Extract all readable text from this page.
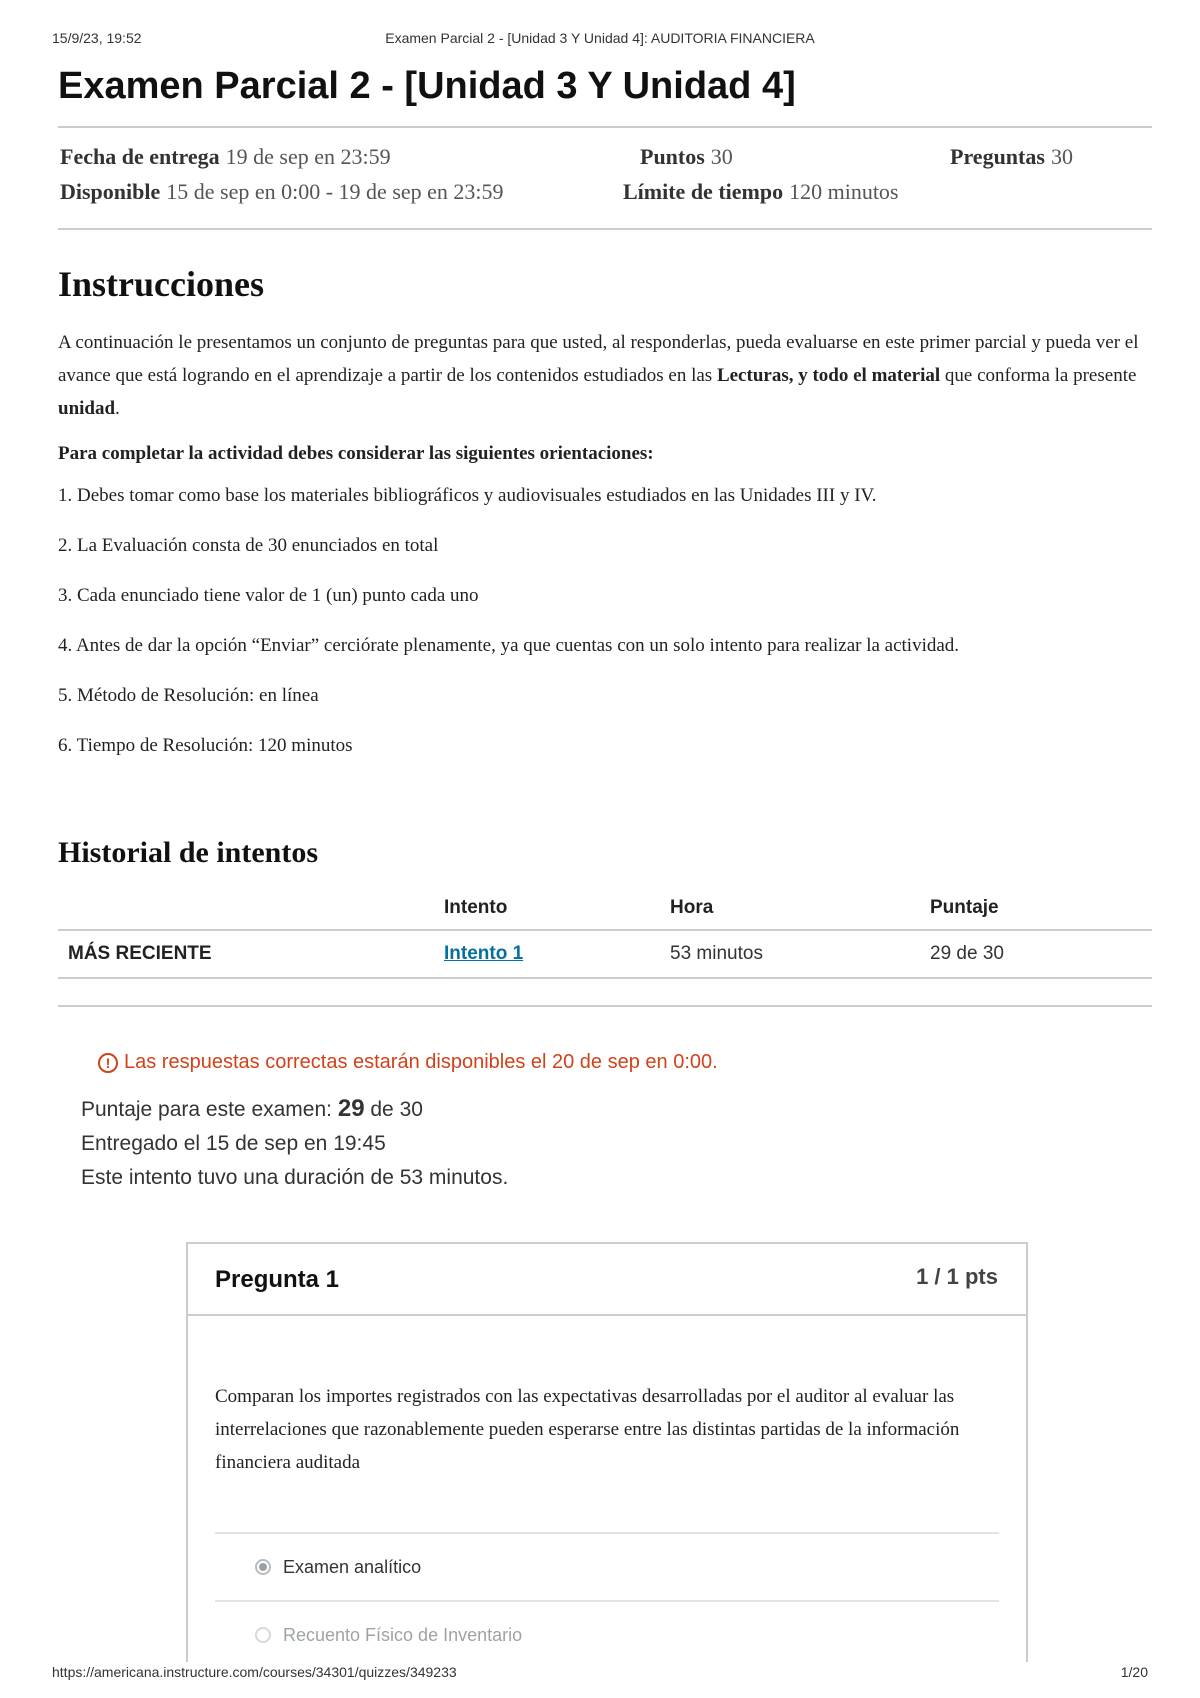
15/9/23, 19:52	Examen Parcial 2 - [Unidad 3 Y Unidad 4]: AUDITORIA FINANCIERA
Examen Parcial 2 - [Unidad 3 Y Unidad 4]
Fecha de entrega 19 de sep en 23:59	Puntos 30	Preguntas 30
Disponible 15 de sep en 0:00 - 19 de sep en 23:59	Límite de tiempo 120 minutos
Instrucciones

A continuación le presentamos un conjunto de preguntas para que usted, al responderlas, pueda evaluarse en este primer parcial y pueda ver el avance que está logrando en el aprendizaje a partir de los contenidos estudiados en las Lecturas, y todo el material que conforma la presente unidad.

Para completar la actividad debes considerar las siguientes orientaciones:

1. Debes tomar como base los materiales bibliográficos y audiovisuales estudiados en las Unidades III y IV.

2. La Evaluación consta de 30 enunciados en total

3. Cada enunciado tiene valor de 1 (un) punto cada uno

4. Antes de dar la opción “Enviar” cerciórate plenamente, ya que cuentas con un solo intento para realizar la actividad.

5. Método de Resolución: en línea

6. Tiempo de Resolución: 120 minutos

Historial de intentos
	Intento	Hora	Puntaje
MÁS RECIENTE	Intento 1	53 minutos	29 de 30
! Las respuestas correctas estarán disponibles el 20 de sep en 0:00.

Puntaje para este examen: 29 de 30

Entregado el 15 de sep en 19:45

Este intento tuvo una duración de 53 minutos.

Pregunta 1	1 / 1 pts

Comparan los importes registrados con las expectativas desarrolladas por el auditor al evaluar las interrelaciones que razonablemente pueden esperarse entre las distintas partidas de la información financiera auditada

Examen analítico
Recuento Físico de Inventario
https://americana.instructure.com/courses/34301/quizzes/349233	1/20
